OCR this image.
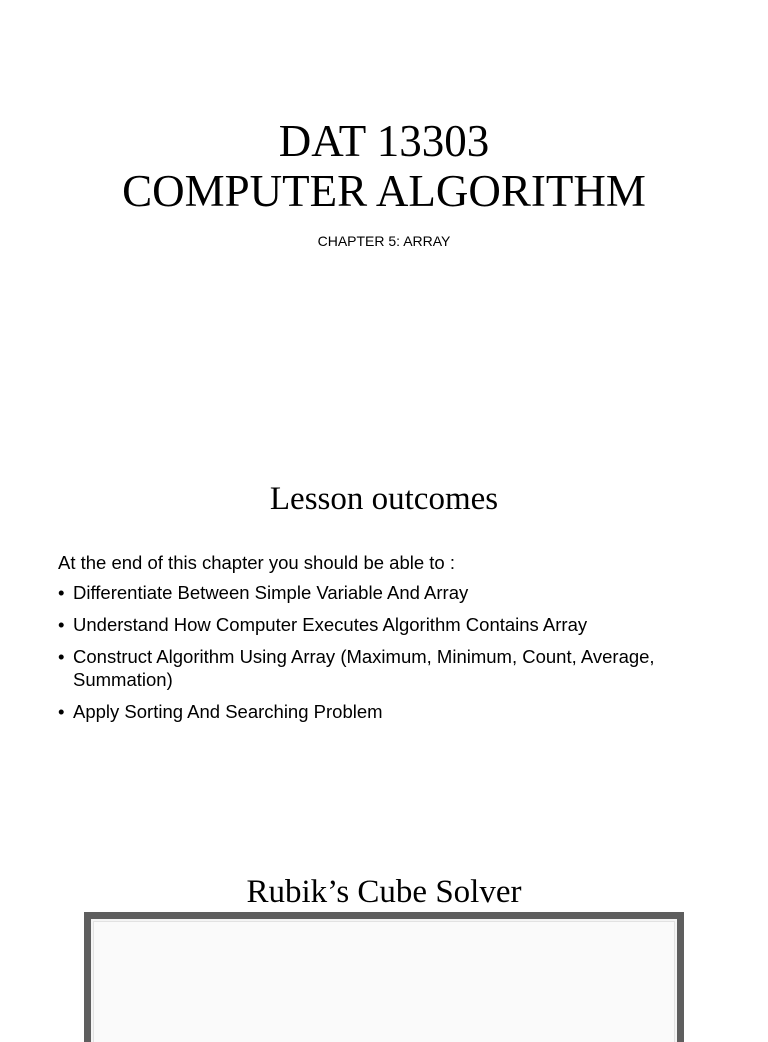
DAT 13303
COMPUTER ALGORITHM
CHAPTER 5: ARRAY
Lesson outcomes
At the end of this chapter you should be able to :
• Differentiate Between Simple Variable And Array
• Understand How Computer Executes Algorithm Contains Array
• Construct Algorithm Using Array (Maximum, Minimum, Count, Average, Summation)
• Apply Sorting And Searching Problem
Rubik’s Cube Solver
